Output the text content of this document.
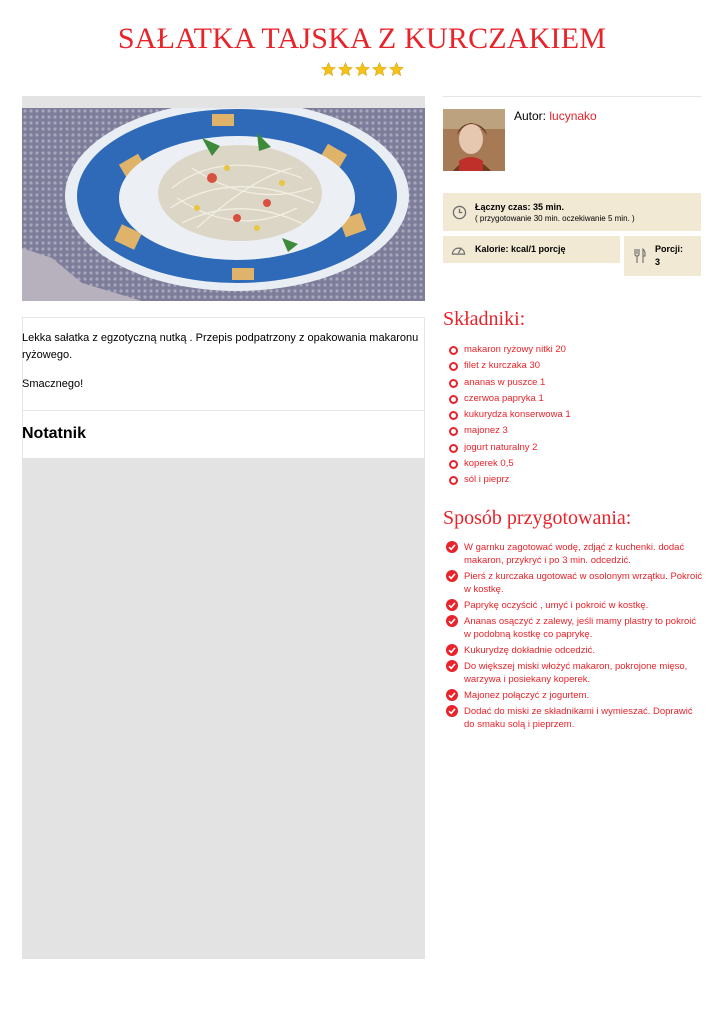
SAŁATKA TAJSKA Z KURCZAKIEM

Lekka sałatka z egzotyczną nutką . Przepis podpatrzony z opakowania makaronu ryżowego.

Smacznego!
Notatnik
Autor: lucynako
Łączny czas: 35 min.
( przygotowanie 30 min. oczekiwanie 5 min. )
Kalorie: kcal/1 porcję	Porcji:
3
Składniki:
makaron ryżowy nitki 20
filet z kurczaka 30
ananas w puszce 1
czerwoa papryka 1
kukurydza konserwowa 1
majonez 3
jogurt naturalny 2
koperek 0,5
sól i pieprz
Sposób przygotowania:
W garnku zagotować wodę, zdjąć z kuchenki. dodać makaron, przykryć i po 3 min. odcedzić.
Pierś z kurczaka ugotować w osolonym wrzątku. Pokroić w kostkę.
Paprykę oczyścić , umyć i pokroić w kostkę.
Ananas osączyć z zalewy, jeśli mamy plastry to pokroić w podobną kostkę co paprykę.
Kukurydzę dokładnie odcedzić.
Do większej miski włożyć makaron, pokrojone mięso, warzywa i posiekany koperek.
Majonez połączyć z jogurtem.
Dodać do miski ze składnikami i wymieszać. Doprawić do smaku solą i pieprzem.
